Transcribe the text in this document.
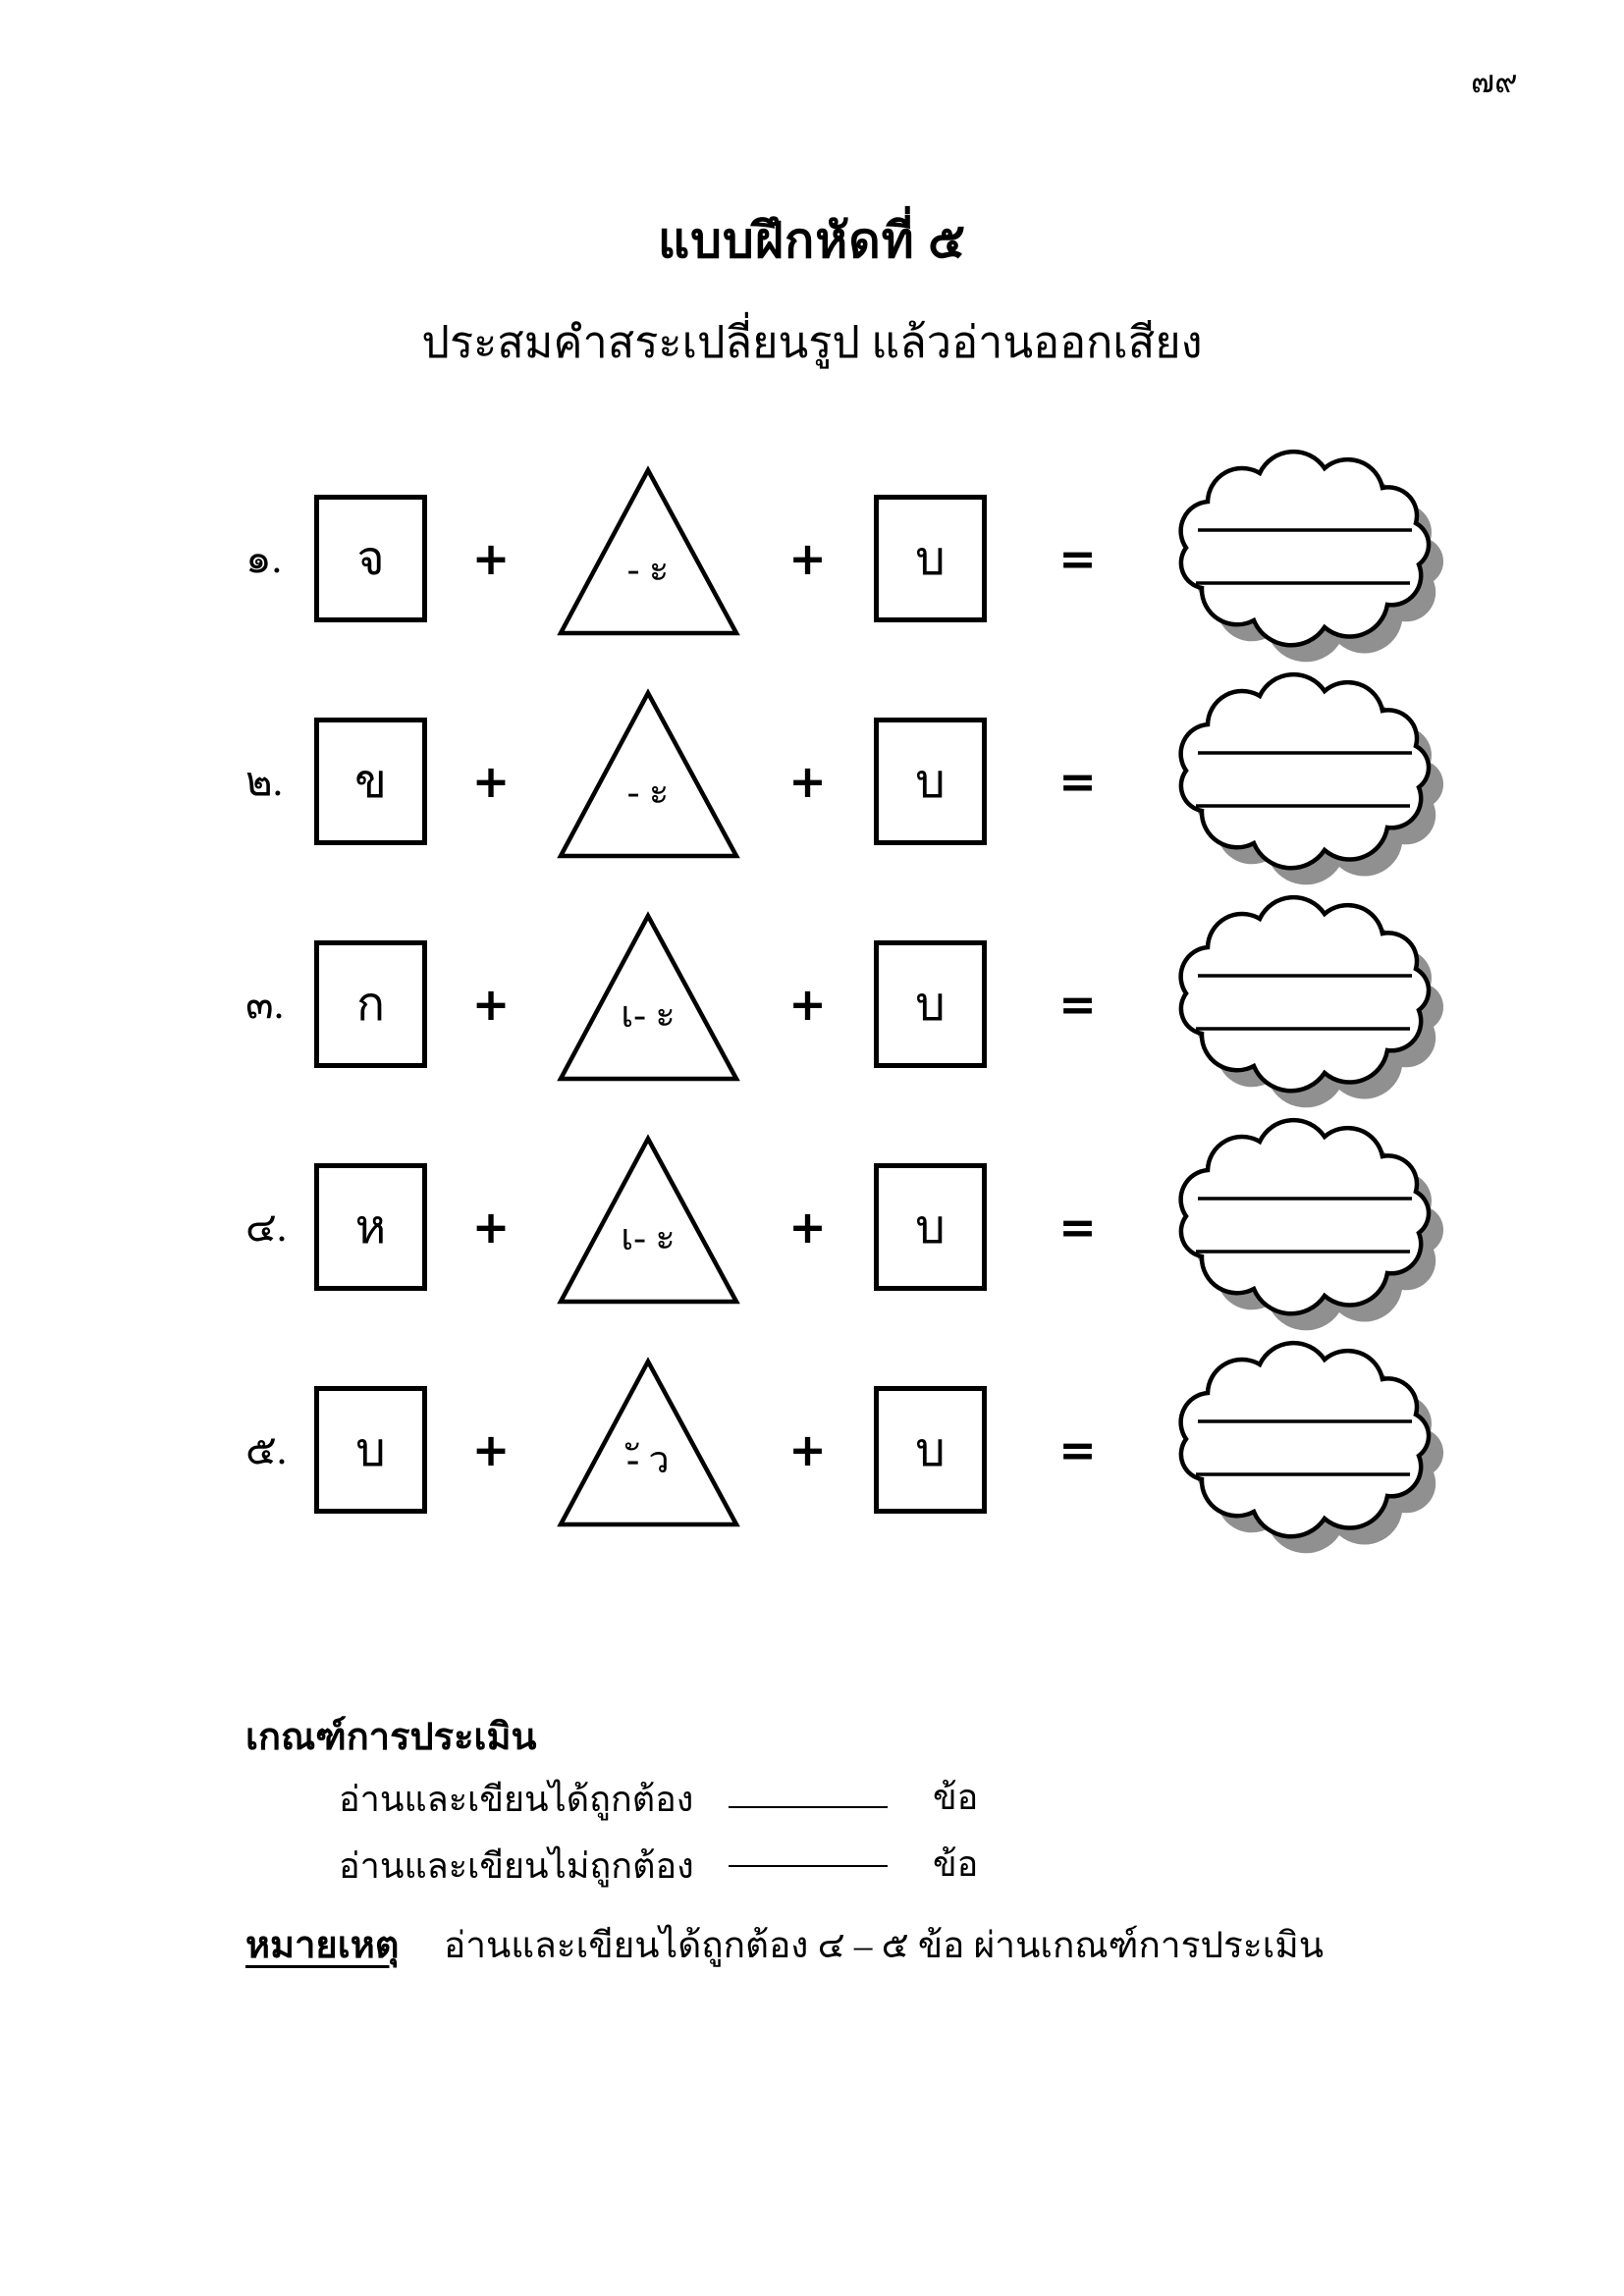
๗๙
แบบฝึกหัดที่ ๕
ประสมคำสระเปลี่ยนรูป แล้วอ่านออกเสียง
๑.	จ	+	- ะ	+	บ	=
๒.	ข	+	- ะ	+	บ	=
๓.	ก	+	เ- ะ	+	บ	=
๔.	ห	+	เ- ะ	+	บ	=
๕.	บ	+	-ั ว	+	บ	=
เกณฑ์การประเมิน
อ่านและเขียนได้ถูกต้อง	ข้อ
อ่านและเขียนไม่ถูกต้อง	ข้อ
หมายเหตุ อ่านและเขียนได้ถูกต้อง ๔ – ๕ ข้อ ผ่านเกณฑ์การประเมิน
